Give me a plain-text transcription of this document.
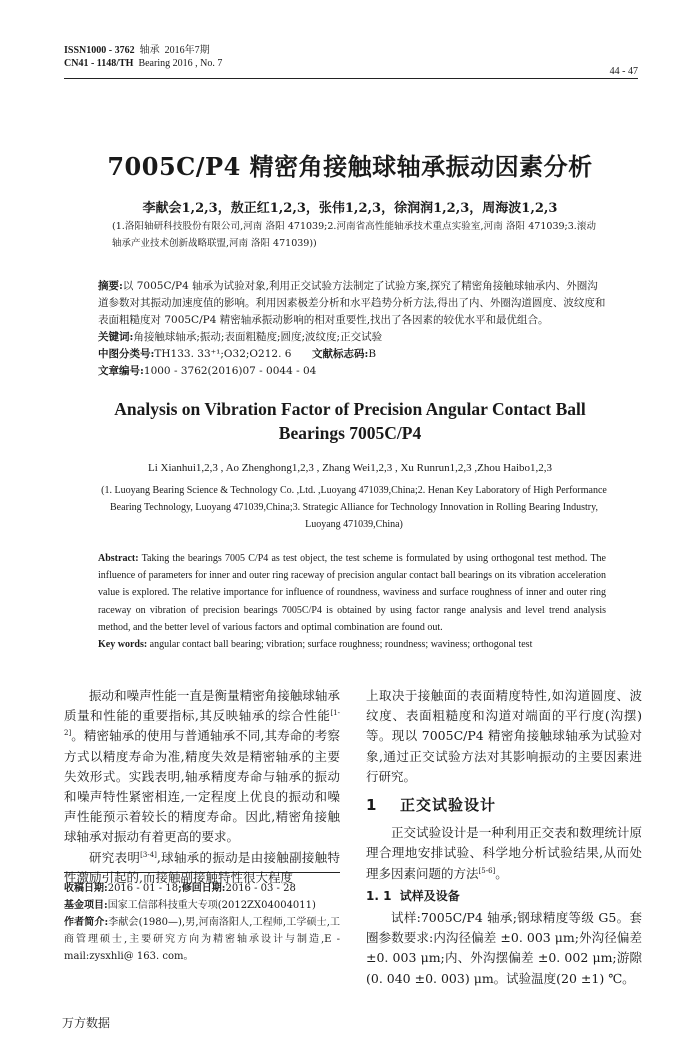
ISSN1000 - 3762 轴承 2016年7期
CN41 - 1148/TH Bearing 2016 , No. 7
44 - 47
7005C/P4 精密角接触球轴承振动因素分析
李献会1,2,3，敖正红1,2,3，张伟1,2,3，徐润润1,2,3，周海波1,2,3
(1.洛阳轴研科技股份有限公司,河南 洛阳 471039;2.河南省高性能轴承技术重点实验室,河南 洛阳 471039;3.滚动轴承产业技术创新战略联盟,河南 洛阳 471039))
摘要:以 7005C/P4 轴承为试验对象,利用正交试验方法制定了试验方案,探究了精密角接触球轴承内、外圈沟道参数对其振动加速度值的影响。利用因素极差分析和水平趋势分析方法,得出了内、外圈沟道圆度、波纹度和表面粗糙度对 7005C/P4 精密轴承振动影响的相对重要性,找出了各因素的较优水平和最优组合。
关键词:角接触球轴承;振动;表面粗糙度;圆度;波纹度;正交试验
中图分类号:TH133. 33⁺¹;O32;O212. 6 文献标志码:B文章编号:1000 - 3762(2016)07 - 0044 - 04
Analysis on Vibration Factor of Precision Angular Contact Ball Bearings 7005C/P4
Li Xianhui1,2,3 , Ao Zhenghong1,2,3 , Zhang Wei1,2,3 , Xu Runrun1,2,3 ,Zhou Haibo1,2,3
(1. Luoyang Bearing Science & Technology Co. ,Ltd. ,Luoyang 471039,China;2. Henan Key Laboratory of High Performance Bearing Technology, Luoyang 471039,China;3. Strategic Alliance for Technology Innovation in Rolling Bearing Industry, Luoyang 471039,China)
Abstract: Taking the bearings 7005 C/P4 as test object, the test scheme is formulated by using orthogonal test method. The influence of parameters for inner and outer ring raceway of precision angular contact ball bearings on its vibration acceleration value is explored. The relative importance for influence of roundness, waviness and surface roughness of inner and outer ring raceway on vibration of precision bearings 7005C/P4 is obtained by using factor range analysis and level trend analysis method, and the better level of various factors and optimal combination are found out.
Key words: angular contact ball bearing; vibration; surface roughness; roundness; waviness; orthogonal test

振动和噪声性能一直是衡量精密角接触球轴承质量和性能的重要指标,其反映轴承的综合性能[1-2]。精密轴承的使用与普通轴承不同,其寿命的考察方式以精度寿命为准,精度失效是精密轴承的主要失效形式。实践表明,轴承精度寿命与轴承的振动和噪声特性紧密相连,一定程度上优良的振动和噪声性能预示着较长的精度寿命。因此,精密角接触球轴承对振动有着更高的要求。

研究表明[3-4],球轴承的振动是由接触副接触特性激励引起的,而接触副接触特性很大程度

收稿日期:2016 - 01 - 18;修回日期:2016 - 03 - 28
基金项目:国家工信部科技重大专项(2012ZX04004011)
作者简介:李献会(1980—),男,河南洛阳人,工程师,工学硕士,工商管理硕士,主要研究方向为精密轴承设计与制造,E - mail:zysxhli@ 163. com。

上取决于接触面的表面精度特性,如沟道圆度、波纹度、表面粗糙度和沟道对端面的平行度(沟摆)等。现以 7005C/P4 精密角接触球轴承为试验对象,通过正交试验方法对其影响振动的主要因素进行研究。

1 正交试验设计

正交试验设计是一种利用正交表和数理统计原理合理地安排试验、科学地分析试验结果,从而处理多因素问题的方法[5-6]。

1. 1 试样及设备

试样:7005C/P4 轴承;钢球精度等级 G5。套圈参数要求:内沟径偏差 ±0. 003 μm;外沟径偏差 ±0. 003 μm;内、外沟摆偏差 ±0. 002 μm;游隙(0. 040 ±0. 003) μm。试验温度(20 ±1) ℃。

万方数据
